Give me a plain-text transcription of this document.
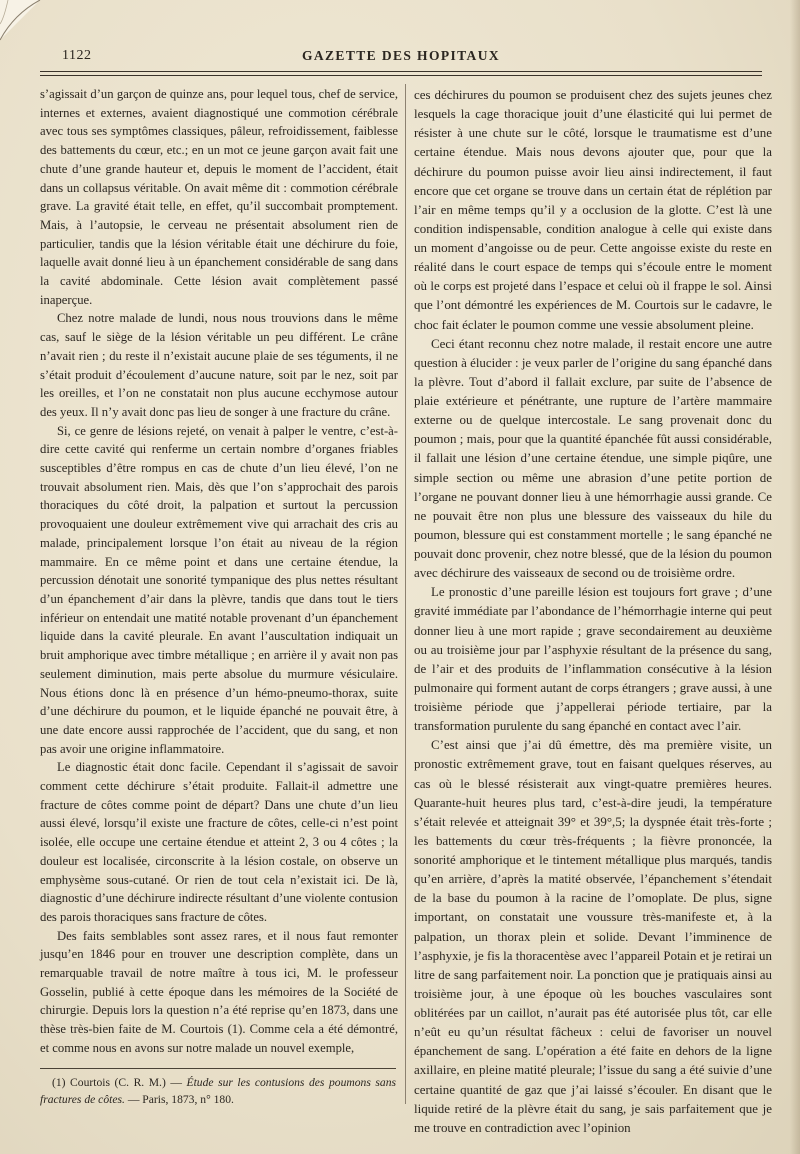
1122	GAZETTE DES HOPITAUX

s’agissait d’un garçon de quinze ans, pour lequel tous, chef de service, internes et externes, avaient diagnostiqué une commotion cérébrale avec tous ses symptômes classiques, pâleur, refroidissement, faiblesse des battements du cœur, etc.; en un mot ce jeune garçon avait fait une chute d’une grande hauteur et, depuis le moment de l’accident, était dans un collapsus véritable. On avait même dit : commotion cérébrale grave. La gravité était telle, en effet, qu’il succombait promptement. Mais, à l’autopsie, le cerveau ne présentait absolument rien de particulier, tandis que la lésion véritable était une déchirure du foie, laquelle avait donné lieu à un épanchement considérable de sang dans la cavité abdominale. Cette lésion avait complètement passé inaperçue.

Chez notre malade de lundi, nous nous trouvions dans le même cas, sauf le siège de la lésion véritable un peu différent. Le crâne n’avait rien ; du reste il n’existait aucune plaie de ses téguments, il ne s’était produit d’écoulement d’aucune nature, soit par le nez, soit par les oreilles, et l’on ne constatait non plus aucune ecchymose autour des yeux. Il n’y avait donc pas lieu de songer à une fracture du crâne.

Si, ce genre de lésions rejeté, on venait à palper le ventre, c’est-à-dire cette cavité qui renferme un certain nombre d’organes friables susceptibles d’être rompus en cas de chute d’un lieu élevé, l’on ne trouvait absolument rien. Mais, dès que l’on s’approchait des parois thoraciques du côté droit, la palpation et surtout la percussion provoquaient une douleur extrêmement vive qui arrachait des cris au malade, principalement lorsque l’on était au niveau de la région mammaire. En ce même point et dans une certaine étendue, la percussion dénotait une sonorité tympanique des plus nettes résultant d’un épanchement d’air dans la plèvre, tandis que dans tout le tiers inférieur on entendait une matité notable provenant d’un épanchement liquide dans la cavité pleurale. En avant l’auscultation indiquait un bruit amphorique avec timbre métallique ; en arrière il y avait non pas seulement diminution, mais perte absolue du murmure vésiculaire. Nous étions donc là en présence d’un hémo-pneumo-thorax, suite d’une déchirure du poumon, et le liquide épanché ne pouvait être, à une date encore aussi rapprochée de l’accident, que du sang, et non pas avoir une origine inflammatoire.

Le diagnostic était donc facile. Cependant il s’agissait de savoir comment cette déchirure s’était produite. Fallait-il admettre une fracture de côtes comme point de départ? Dans une chute d’un lieu aussi élevé, lorsqu’il existe une fracture de côtes, celle-ci n’est point isolée, elle occupe une certaine étendue et atteint 2, 3 ou 4 côtes ; la douleur est localisée, circonscrite à la lésion costale, on observe un emphysème sous-cutané. Or rien de tout cela n’existait ici. De là, diagnostic d’une déchirure indirecte résultant d’une violente contusion des parois thoraciques sans fracture de côtes.

Des faits semblables sont assez rares, et il nous faut remonter jusqu’en 1846 pour en trouver une description complète, dans un remarquable travail de notre maître à tous ici, M. le professeur Gosselin, publié à cette époque dans les mémoires de la Société de chirurgie. Depuis lors la question n’a été reprise qu’en 1873, dans une thèse très-bien faite de M. Courtois (1). Comme cela a été démontré, et comme nous en avons sur notre malade un nouvel exemple,

ces déchirures du poumon se produisent chez des sujets jeunes chez lesquels la cage thoracique jouit d’une élasticité qui lui permet de résister à une chute sur le côté, lorsque le traumatisme est d’une certaine étendue. Mais nous devons ajouter que, pour que la déchirure du poumon puisse avoir lieu ainsi indirectement, il faut encore que cet organe se trouve dans un certain état de réplétion par l’air en même temps qu’il y a occlusion de la glotte. C’est là une condition indispensable, condition analogue à celle qui existe dans un moment d’angoisse ou de peur. Cette angoisse existe du reste en réalité dans le court espace de temps qui s’écoule entre le moment où le corps est projeté dans l’espace et celui où il frappe le sol. Ainsi que l’ont démontré les expériences de M. Courtois sur le cadavre, le choc fait éclater le poumon comme une vessie absolument pleine.

Ceci étant reconnu chez notre malade, il restait encore une autre question à élucider : je veux parler de l’origine du sang épanché dans la plèvre. Tout d’abord il fallait exclure, par suite de l’absence de plaie extérieure et pénétrante, une rupture de l’artère mammaire externe ou de quelque intercostale. Le sang provenait donc du poumon ; mais, pour que la quantité épanchée fût aussi considérable, il fallait une lésion d’une certaine étendue, une simple piqûre, une simple section ou même une abrasion d’une petite portion de l’organe ne pouvant donner lieu à une hémorrhagie aussi grande. Ce ne pouvait être non plus une blessure des vaisseaux du hile du poumon, blessure qui est constamment mortelle ; le sang épanché ne pouvait donc provenir, chez notre blessé, que de la lésion du poumon avec déchirure des vaisseaux de second ou de troisième ordre.

Le pronostic d’une pareille lésion est toujours fort grave ; d’une gravité immédiate par l’abondance de l’hémorrhagie interne qui peut donner lieu à une mort rapide ; grave secondairement au deuxième ou au troisième jour par l’asphyxie résultant de la présence du sang, de l’air et des produits de l’inflammation consécutive à la lésion pulmonaire qui forment autant de corps étrangers ; grave aussi, à une troisième période que j’appellerai période tertiaire, par la transformation purulente du sang épanché en contact avec l’air.

C’est ainsi que j’ai dû émettre, dès ma première visite, un pronostic extrêmement grave, tout en faisant quelques réserves, au cas où le blessé résisterait aux vingt-quatre premières heures. Quarante-huit heures plus tard, c’est-à-dire jeudi, la température s’était relevée et atteignait 39° et 39°,5; la dyspnée était très-forte ; les battements du cœur très-fréquents ; la fièvre prononcée, la sonorité amphorique et le tintement métallique plus marqués, tandis qu’en arrière, d’après la matité observée, l’épanchement s’étendait de la base du poumon à la racine de l’omoplate. De plus, signe important, on constatait une voussure très-manifeste et, à la palpation, un thorax plein et solide. Devant l’imminence de l’asphyxie, je fis la thoracentèse avec l’appareil Potain et je retirai un litre de sang parfaitement noir. La ponction que je pratiquais ainsi au troisième jour, à une époque où les bouches vasculaires sont oblitérées par un caillot, n’aurait pas été autorisée plus tôt, car elle n’eût eu qu’un résultat fâcheux : celui de favoriser un nouvel épanchement de sang. L’opération a été faite en dehors de la ligne axillaire, en pleine matité pleurale; l’issue du sang a été suivie d’une certaine quantité de gaz que j’ai laissé s’écouler. En disant que le liquide retiré de la plèvre était du sang, je sais parfaitement que je me trouve en contradiction avec l’opinion

(1) Courtois (C. R. M.) — Étude sur les contusions des poumons sans fractures de côtes. — Paris, 1873, n° 180.
